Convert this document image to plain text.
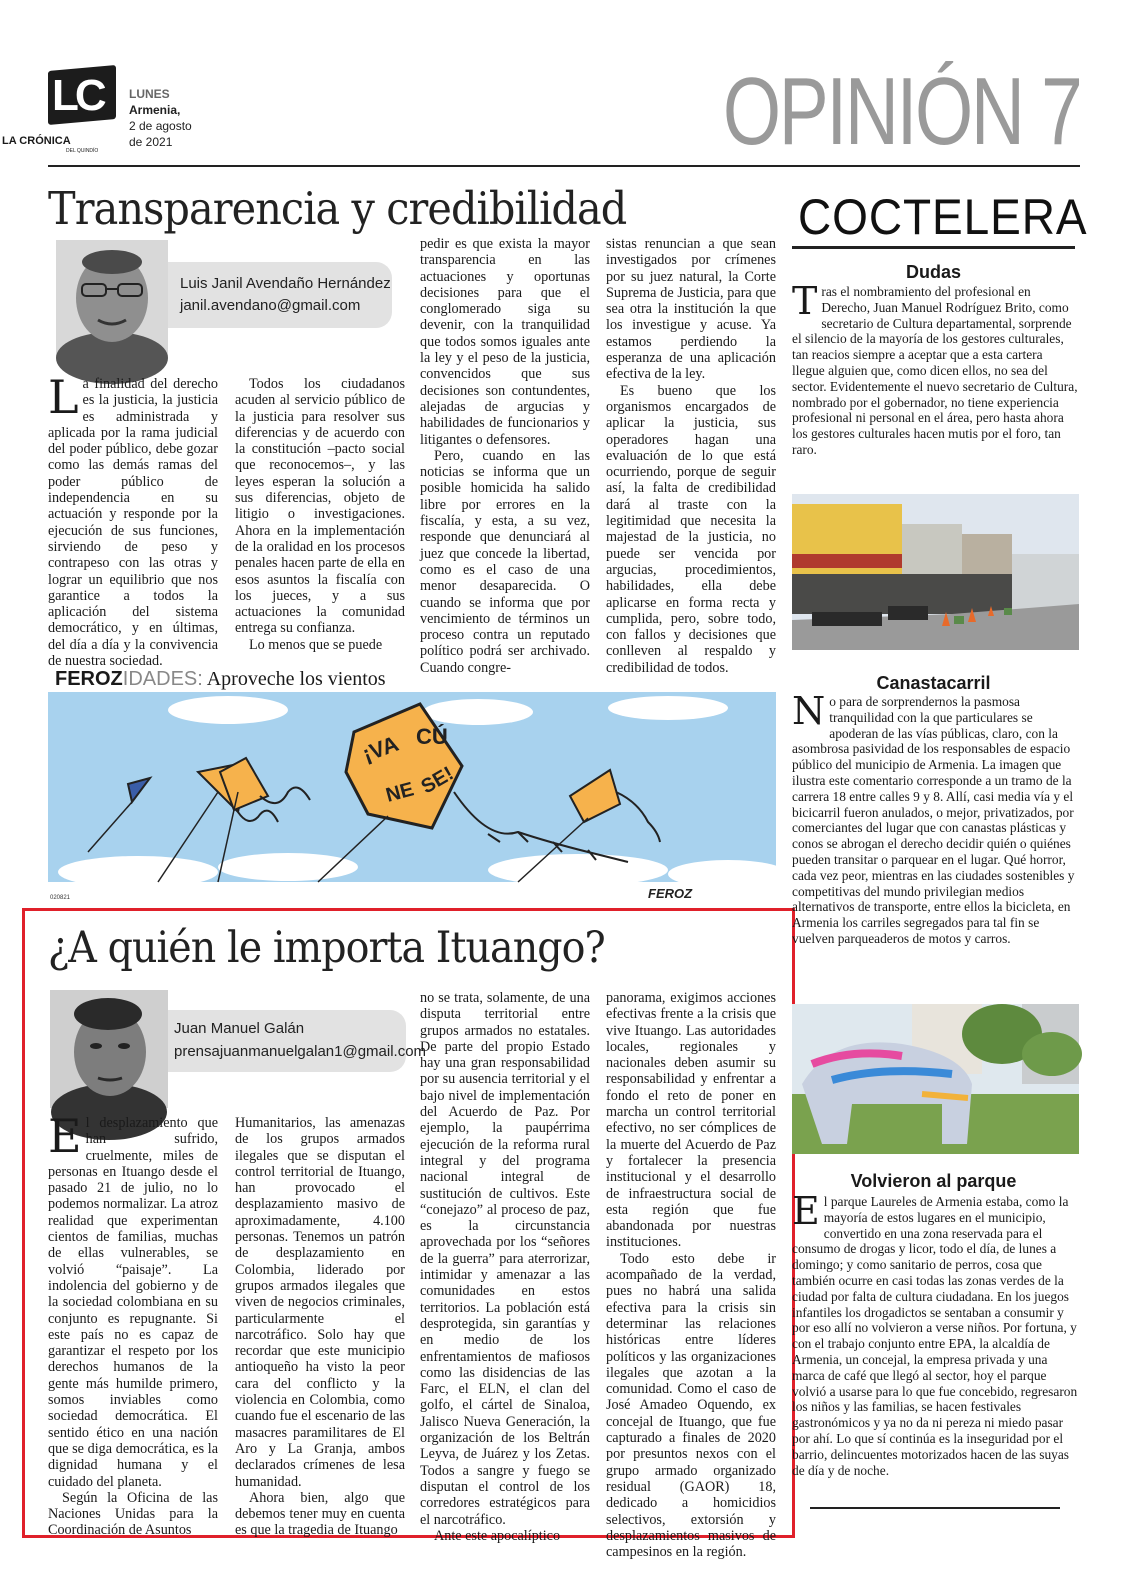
LC
LA CRÓNICA
DEL QUINDÍO
LUNES
Armenia,
2 de agosto
de 2021	OPINIÓN 7
Transparencia y credibilidad
Luis Janil Avendaño Hernández
janil.avendano@gmail.com

La finalidad del derecho es la justicia, la justicia es administrada y aplicada por la rama judicial del poder público, debe gozar como las demás ramas del poder público de independencia en su actuación y responde por la ejecución de sus funciones, sirviendo de peso y contrapeso con las otras y lograr un equilibrio que nos garantice a todos la aplicación del sistema democrático, y en últimas, del día a día y la convivencia de nuestra sociedad.

Todos los ciudadanos acuden al servicio público de la justicia para resolver sus diferencias y de acuerdo con la constitución –pacto social que reconocemos–, y las leyes esperan la solución a sus diferencias, objeto de litigio o investigaciones. Ahora en la implementación de la oralidad en los procesos penales hacen parte de ella en esos asuntos la fiscalía con los jueces, y a sus actuaciones la comunidad entrega su confianza.

Lo menos que se puede

pedir es que exista la mayor transparencia en las actuaciones y oportunas decisiones para que el conglomerado siga su devenir, con la tranquilidad que todos somos iguales ante la ley y el peso de la justicia, convencidos que sus decisiones son contundentes, alejadas de argucias y habilidades de funcionarios y litigantes o defensores.

Pero, cuando en las noticias se informa que un posible homicida ha salido libre por errores en la fiscalía, y esta, a su vez, responde que denunciará al juez que concede la libertad, como es el caso de una menor desaparecida. O cuando se informa que por vencimiento de términos un proceso contra un reputado político podrá ser archivado. Cuando congre-

sistas renuncian a que sean investigados por crímenes por su juez natural, la Corte Suprema de Justicia, para que sea otra la institución la que los investigue y acuse. Ya estamos perdiendo la esperanza de una aplicación efectiva de la ley.

Es bueno que los organismos encargados de aplicar la justicia, sus operadores hagan una evaluación de lo que está ocurriendo, porque de seguir así, la falta de credibilidad dará al traste con la legitimidad que necesita la majestad de la justicia, no puede ser vencida por argucias, procedimientos, habilidades, ella debe aplicarse en forma recta y cumplida, pero, sobre todo, con fallos y decisiones que conlleven al respaldo y credibilidad de todos.

FEROZIDADES: Aproveche los vientos
¡VA CÚ
NE SE!
FEROZ
020821
¿A quién le importa Ituango?
Juan Manuel Galán
prensajuanmanuelgalan1@gmail.com

El desplazamiento que han sufrido, cruelmente, miles de personas en Ituango desde el pasado 21 de julio, no lo podemos normalizar. La atroz realidad que experimentan cientos de familias, muchas de ellas vulnerables, se volvió “paisaje”. La indolencia del gobierno y de la sociedad colombiana en su conjunto es repugnante. Si este país no es capaz de garantizar el respeto por los derechos humanos de la gente más humilde primero, somos inviables como sociedad democrática. El sentido ético en una nación que se diga democrática, es la dignidad humana y el cuidado del planeta.

Según la Oficina de las Naciones Unidas para la Coordinación de Asuntos

Humanitarios, las amenazas de los grupos armados ilegales que se disputan el control territorial de Ituango, han provocado el desplazamiento masivo de aproximadamente, 4.100 personas. Tenemos un patrón de desplazamiento en Colombia, liderado por grupos armados ilegales que viven de negocios criminales, particularmente el narcotráfico. Solo hay que recordar que este municipio antioqueño ha visto la peor cara del conflicto y la violencia en Colombia, como cuando fue el escenario de las masacres paramilitares de El Aro y La Granja, ambos declarados crímenes de lesa humanidad.

Ahora bien, algo que debemos tener muy en cuenta es que la tragedia de Ituango

no se trata, solamente, de una disputa territorial entre grupos armados no estatales. De parte del propio Estado hay una gran responsabilidad por su ausencia territorial y el bajo nivel de implementación del Acuerdo de Paz. Por ejemplo, la paupérrima ejecución de la reforma rural integral y del programa nacional integral de sustitución de cultivos. Este “conejazo” al proceso de paz, es la circunstancia aprovechada por los “señores de la guerra” para aterrorizar, intimidar y amenazar a las comunidades en estos territorios. La población está desprotegida, sin garantías y en medio de los enfrentamientos de mafiosos como las disidencias de las Farc, el ELN, el clan del golfo, el cártel de Sinaloa, Jalisco Nueva Generación, la organización de los Beltrán Leyva, de Juárez y los Zetas. Todos a sangre y fuego se disputan el control de los corredores estratégicos para el narcotráfico.

Ante este apocalíptico

panorama, exigimos acciones efectivas frente a la crisis que vive Ituango. Las autoridades locales, regionales y nacionales deben asumir su responsabilidad y enfrentar a fondo el reto de poner en marcha un control territorial efectivo, no ser cómplices de la muerte del Acuerdo de Paz y fortalecer la presencia institucional y el desarrollo de infraestructura social de esta región que fue abandonada por nuestras instituciones.

Todo esto debe ir acompañado de la verdad, pues no habrá una salida efectiva para la crisis sin determinar las relaciones históricas entre líderes políticos y las organizaciones ilegales que azotan a la comunidad. Como el caso de José Amadeo Oquendo, ex concejal de Ituango, que fue capturado a finales de 2020 por presuntos nexos con el grupo armado organizado residual (GAOR) 18, dedicado a homicidios selectivos, extorsión y desplazamientos masivos de campesinos en la región.

COCTELERA
Dudas
Tras el nombramiento del profesional en Derecho, Juan Manuel Rodríguez Brito, como secretario de Cultura departamental, sorprende el silencio de la mayoría de los gestores culturales, tan reacios siempre a aceptar que a esta cartera llegue alguien que, como dicen ellos, no sea del sector. Evidentemente el nuevo secretario de Cultura, nombrado por el gobernador, no tiene experiencia profesional ni personal en el área, pero hasta ahora los gestores culturales hacen mutis por el foro, tan raro.
Canastacarril
No para de sorprendernos la pasmosa tranquilidad con la que particulares se apoderan de las vías públicas, claro, con la asombrosa pasividad de los responsables de espacio público del municipio de Armenia. La imagen que ilustra este comentario corresponde a un tramo de la carrera 18 entre calles 9 y 8. Allí, casi media vía y el bicicarril fueron anulados, o mejor, privatizados, por comerciantes del lugar que con canastas plásticas y conos se abrogan el derecho decidir quién o quiénes pueden transitar o parquear en el lugar. Qué horror, cada vez peor, mientras en las ciudades sostenibles y competitivas del mundo privilegian medios alternativos de transporte, entre ellos la bicicleta, en Armenia los carriles segregados para tal fin se vuelven parqueaderos de motos y carros.
Volvieron al parque
El parque Laureles de Armenia estaba, como la mayoría de estos lugares en el municipio, convertido en una zona reservada para el consumo de drogas y licor, todo el día, de lunes a domingo; y como sanitario de perros, cosa que también ocurre en casi todas las zonas verdes de la ciudad por falta de cultura ciudadana. En los juegos infantiles los drogadictos se sentaban a consumir y por eso allí no volvieron a verse niños. Por fortuna, y con el trabajo conjunto entre EPA, la alcaldía de Armenia, un concejal, la empresa privada y una marca de café que llegó al sector, hoy el parque volvió a usarse para lo que fue concebido, regresaron los niños y las familias, se hacen festivales gastronómicos y ya no da ni pereza ni miedo pasar por ahí. Lo que sí continúa es la inseguridad por el barrio, delincuentes motorizados hacen de las suyas de día y de noche.
